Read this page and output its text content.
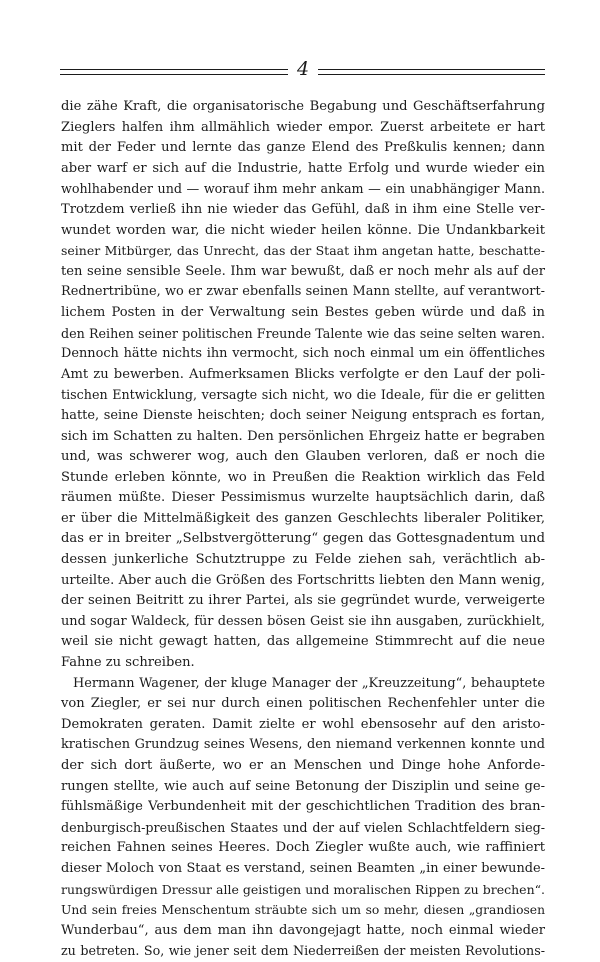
4
die zähe Kraft, die organisatorische Begabung und Geschäftserfahrung
Zieglers halfen ihm allmählich wieder empor. Zuerst arbeitete er hart
mit der Feder und lernte das ganze Elend des Preßkulis kennen; dann
aber warf er sich auf die Industrie, hatte Erfolg und wurde wieder ein
wohlhabender und — worauf ihm mehr ankam — ein unabhängiger Mann.
Trotzdem verließ ihn nie wieder das Gefühl, daß in ihm eine Stelle ver-
wundet worden war, die nicht wieder heilen könne. Die Undankbarkeit
seiner Mitbürger, das Unrecht, das der Staat ihm angetan hatte, beschatte-
ten seine sensible Seele. Ihm war bewußt, daß er noch mehr als auf der
Rednertribüne, wo er zwar ebenfalls seinen Mann stellte, auf verantwort-
lichem Posten in der Verwaltung sein Bestes geben würde und daß in
den Reihen seiner politischen Freunde Talente wie das seine selten waren.
Dennoch hätte nichts ihn vermocht, sich noch einmal um ein öffentliches
Amt zu bewerben. Aufmerksamen Blicks verfolgte er den Lauf der poli-
tischen Entwicklung, versagte sich nicht, wo die Ideale, für die er gelitten
hatte, seine Dienste heischten; doch seiner Neigung entsprach es fortan,
sich im Schatten zu halten. Den persönlichen Ehrgeiz hatte er begraben
und, was schwerer wog, auch den Glauben verloren, daß er noch die
Stunde erleben könnte, wo in Preußen die Reaktion wirklich das Feld
räumen müßte. Dieser Pessimismus wurzelte hauptsächlich darin, daß
er über die Mittelmäßigkeit des ganzen Geschlechts liberaler Politiker,
das er in breiter „Selbstvergötterung“ gegen das Gottesgnadentum und
dessen junkerliche Schutztruppe zu Felde ziehen sah, verächtlich ab-
urteilte. Aber auch die Größen des Fortschritts liebten den Mann wenig,
der seinen Beitritt zu ihrer Partei, als sie gegründet wurde, verweigerte
und sogar Waldeck, für dessen bösen Geist sie ihn ausgaben, zurückhielt,
weil sie nicht gewagt hatten, das allgemeine Stimmrecht auf die neue
Fahne zu schreiben.
Hermann Wagener, der kluge Manager der „Kreuzzeitung“, behauptete
von Ziegler, er sei nur durch einen politischen Rechenfehler unter die
Demokraten geraten. Damit zielte er wohl ebensosehr auf den aristo-
kratischen Grundzug seines Wesens, den niemand verkennen konnte und
der sich dort äußerte, wo er an Menschen und Dinge hohe Anforde-
rungen stellte, wie auch auf seine Betonung der Disziplin und seine ge-
fühlsmäßige Verbundenheit mit der geschichtlichen Tradition des bran-
denburgisch-preußischen Staates und der auf vielen Schlachtfeldern sieg-
reichen Fahnen seines Heeres. Doch Ziegler wußte auch, wie raffiniert
dieser Moloch von Staat es verstand, seinen Beamten „in einer bewunde-
rungswürdigen Dressur alle geistigen und moralischen Rippen zu brechen“.
Und sein freies Menschentum sträubte sich um so mehr, diesen „grandiosen
Wunderbau“, aus dem man ihn davongejagt hatte, noch einmal wieder
zu betreten. So, wie jener seit dem Niederreißen der meisten Revolutions-
